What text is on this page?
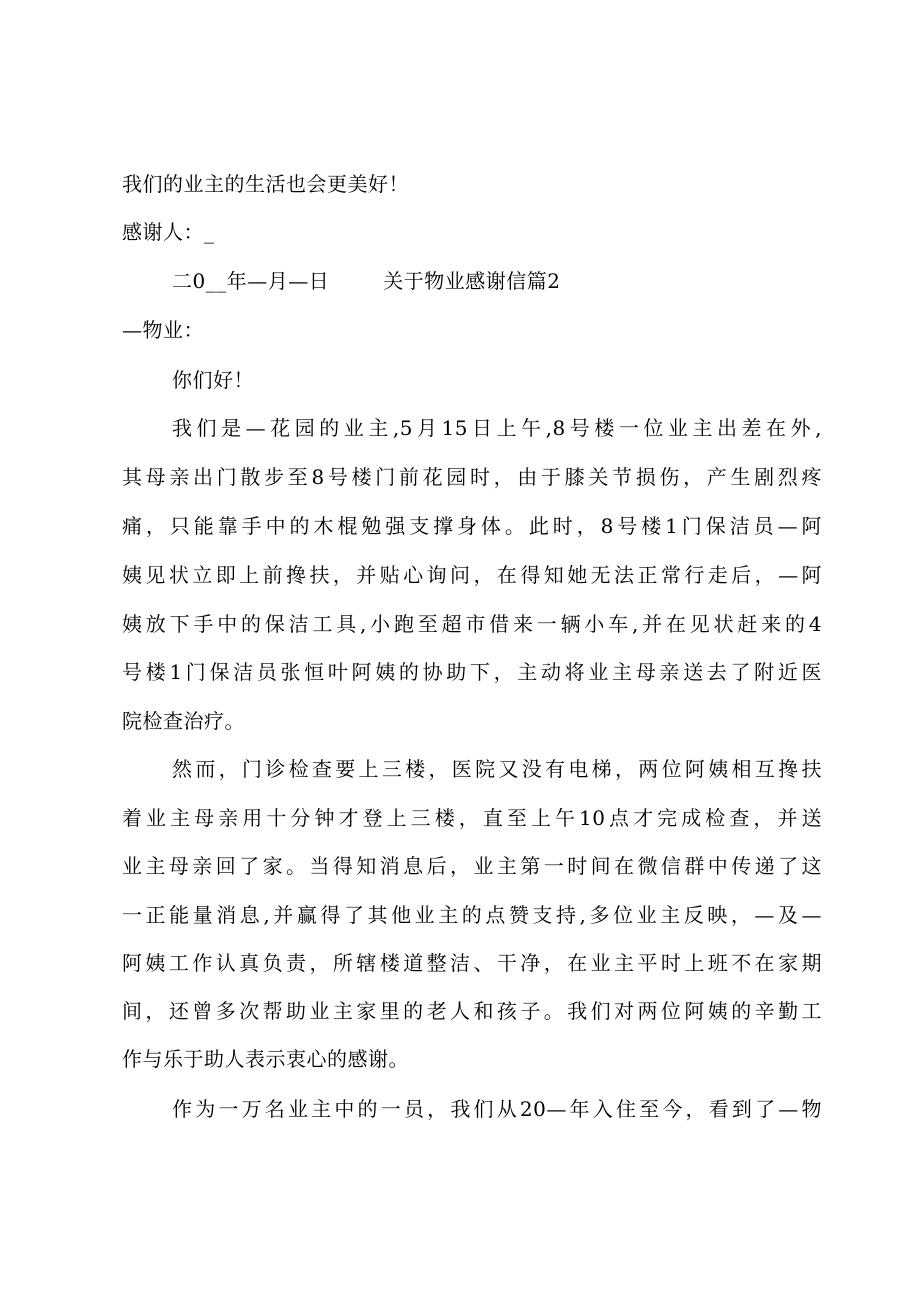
我们的业主的生活也会更美好！
感谢人：_
二0__年—月—日	关于物业感谢信篇2
—物业：
你们好！
我们是—花园的业主,5月15日上午,8号楼一位业主出差在外,
其母亲出门散步至8号楼门前花园时，由于膝关节损伤，产生剧烈疼
痛，只能靠手中的木棍勉强支撑身体。此时，8号楼1门保洁员—阿
姨见状立即上前搀扶，并贴心询问，在得知她无法正常行走后，—阿
姨放下手中的保洁工具,小跑至超市借来一辆小车,并在见状赶来的4
号楼1门保洁员张恒叶阿姨的协助下，主动将业主母亲送去了附近医
院检查治疗。
然而，门诊检查要上三楼，医院又没有电梯，两位阿姨相互搀扶
着业主母亲用十分钟才登上三楼，直至上午10点才完成检查，并送
业主母亲回了家。当得知消息后，业主第一时间在微信群中传递了这
一正能量消息,并赢得了其他业主的点赞支持,多位业主反映，—及—
阿姨工作认真负责，所辖楼道整洁、干净，在业主平时上班不在家期
间，还曾多次帮助业主家里的老人和孩子。我们对两位阿姨的辛勤工
作与乐于助人表示衷心的感谢。
作为一万名业主中的一员，我们从20—年入住至今，看到了—物
